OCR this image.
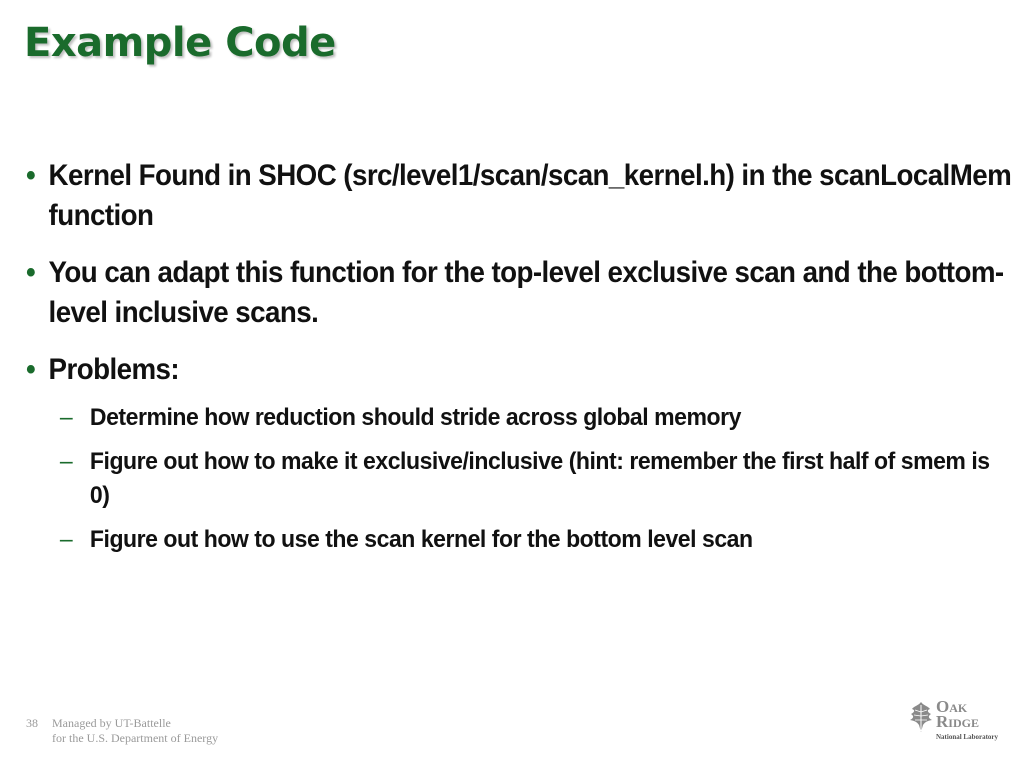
Example Code
• Kernel Found in SHOC (src/level1/scan/scan_kernel.h) in the scanLocalMem function
• You can adapt this function for the top-level exclusive scan and the bottom-level inclusive scans.
• Problems:
– Determine how reduction should stride across global memory
– Figure out how to make it exclusive/inclusive (hint: remember the first half of smem is 0)
– Figure out how to use the scan kernel for the bottom level scan
38 Managed by UT-Battelle
for the U.S. Department of Energy
Oak
Ridge
National Laboratory
